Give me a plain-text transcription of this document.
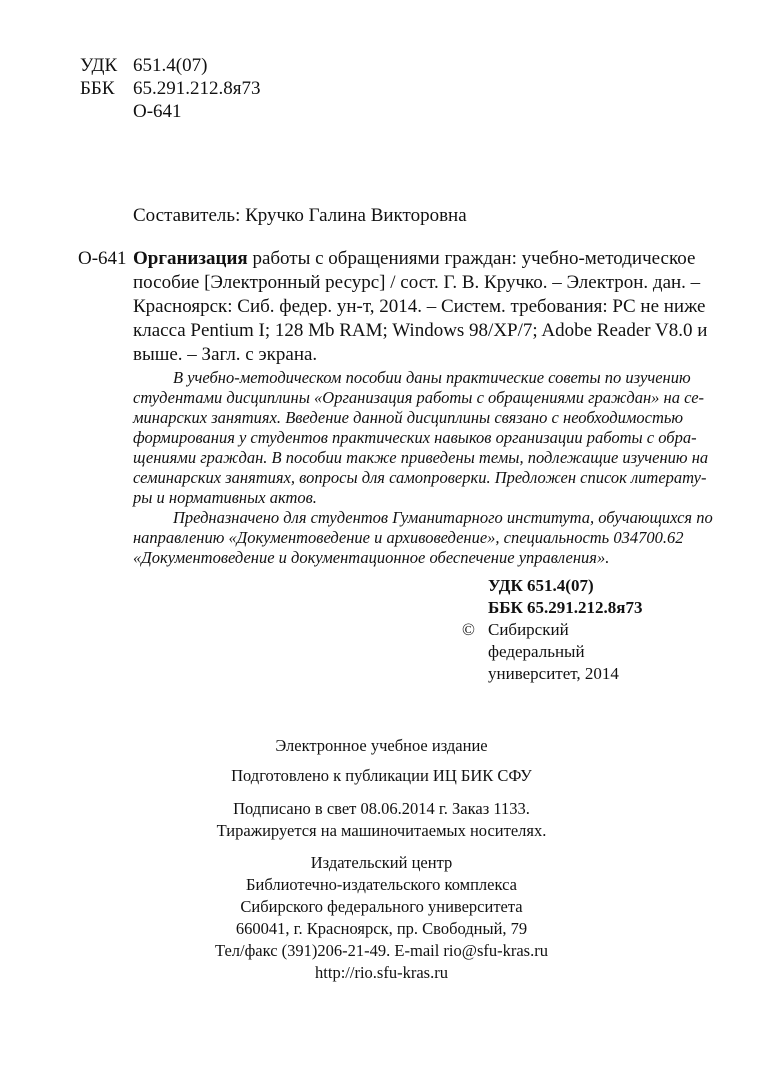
УДК 651.4(07)
ББК 65.291.212.8я73
О-641
Составитель: Кручко Галина Викторовна
О-641 Организация работы с обращениями граждан: учебно-методическое
пособие [Электронный ресурс] / сост. Г. В. Кручко. – Электрон. дан. –
Красноярск: Сиб. федер. ун-т, 2014. – Систем. требования: PC не ниже
класса Pentium I; 128 Mb RAM; Windows 98/XP/7; Adobe Reader V8.0 и
выше. – Загл. с экрана.
В учебно-методическом пособии даны практические советы по изучению
студентами дисциплины «Организация работы с обращениями граждан» на се-
минарских занятиях. Введение данной дисциплины связано с необходимостью
формирования у студентов практических навыков организации работы с обра-
щениями граждан. В пособии также приведены темы, подлежащие изучению на
семинарских занятиях, вопросы для самопроверки. Предложен список литерату-
ры и нормативных актов.
Предназначено для студентов Гуманитарного института, обучающихся по
направлению «Документоведение и архивоведение», специальность 034700.62
«Документоведение и документационное обеспечение управления».
УДК 651.4(07)
ББК 65.291.212.8я73
© Сибирский
федеральный
университет, 2014
Электронное учебное издание
Подготовлено к публикации ИЦ БИК СФУ
Подписано в свет 08.06.2014 г. Заказ 1133.
Тиражируется на машиночитаемых носителях.
Издательский центр
Библиотечно-издательского комплекса
Сибирского федерального университета
660041, г. Красноярск, пр. Свободный, 79
Тел/факс (391)206-21-49. E-mail rio@sfu-kras.ru
http://rio.sfu-kras.ru
